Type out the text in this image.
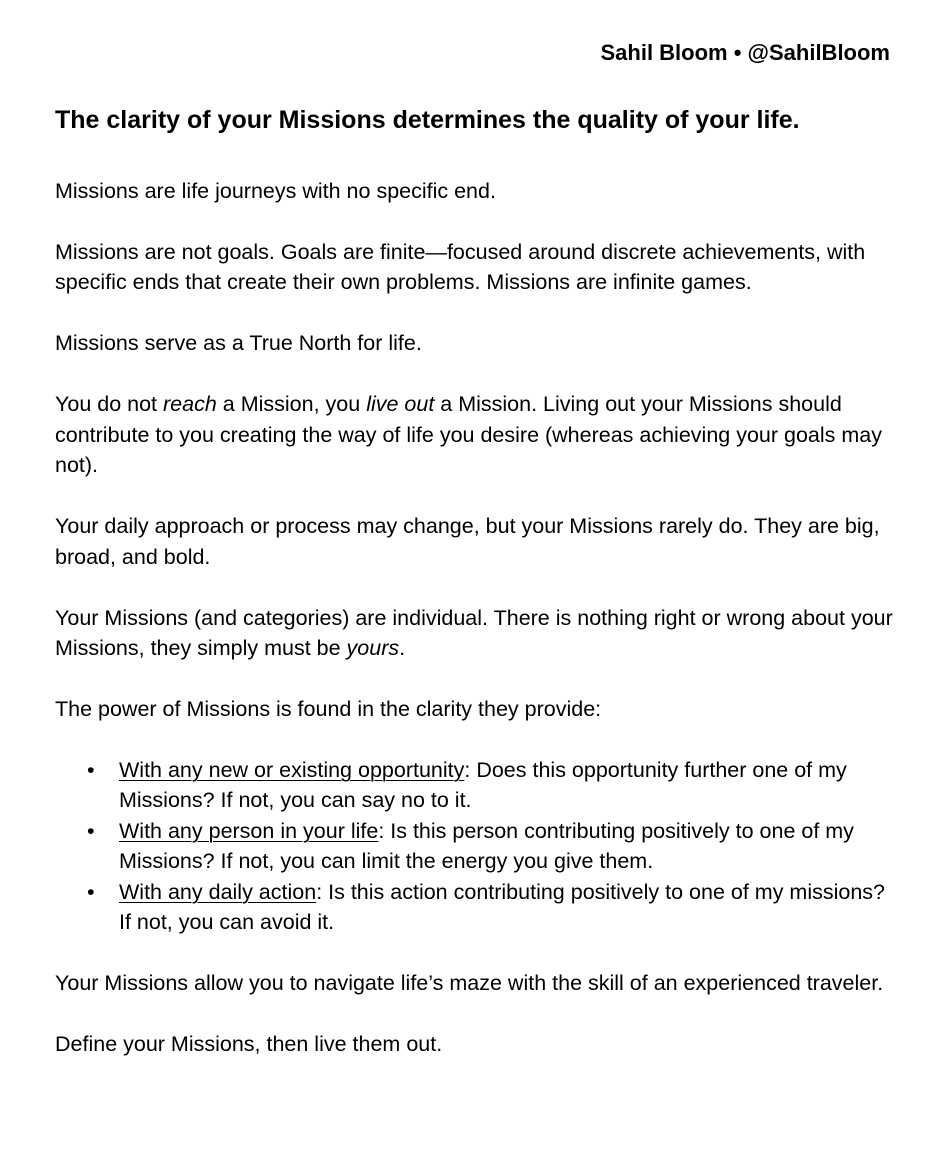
Sahil Bloom • @SahilBloom
The clarity of your Missions determines the quality of your life.

Missions are life journeys with no specific end.

Missions are not goals. Goals are finite—focused around discrete achievements, with specific ends that create their own problems. Missions are infinite games.

Missions serve as a True North for life.

You do not reach a Mission, you live out a Mission. Living out your Missions should contribute to you creating the way of life you desire (whereas achieving your goals may not).

Your daily approach or process may change, but your Missions rarely do. They are big, broad, and bold.

Your Missions (and categories) are individual. There is nothing right or wrong about your Missions, they simply must be yours.

The power of Missions is found in the clarity they provide:

• With any new or existing opportunity: Does this opportunity further one of my Missions? If not, you can say no to it.
• With any person in your life: Is this person contributing positively to one of my Missions? If not, you can limit the energy you give them.
• With any daily action: Is this action contributing positively to one of my missions? If not, you can avoid it.

Your Missions allow you to navigate life’s maze with the skill of an experienced traveler.

Define your Missions, then live them out.
